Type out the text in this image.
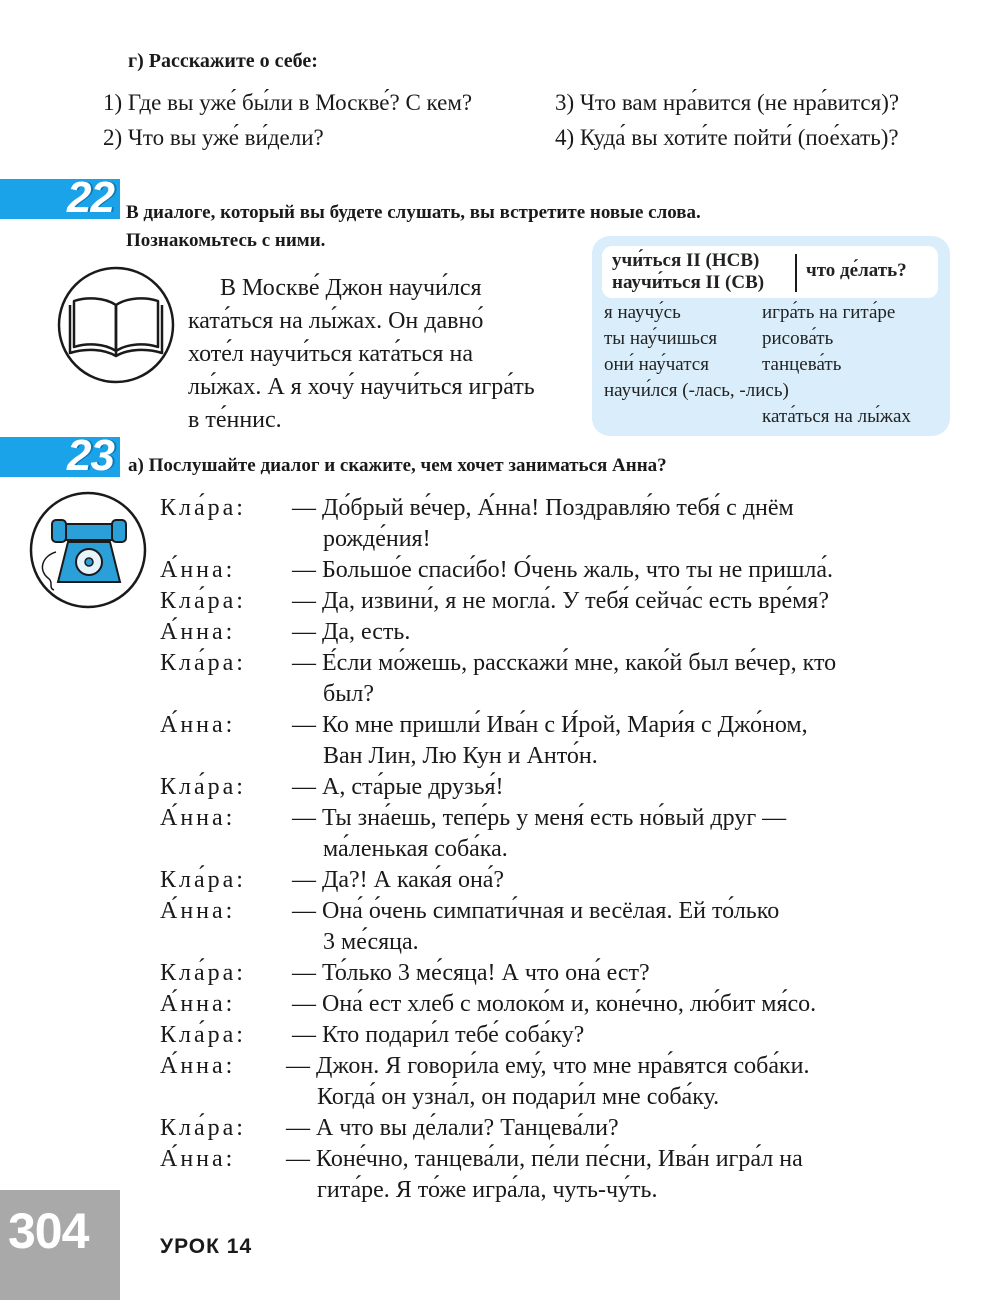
г) Расскажите о себе:
1) Где вы уже́ бы́ли в Москве́? С кем?
2) Что вы уже́ ви́дели?
3) Что вам нра́вится (не нра́вится)?
4) Куда́ вы хоти́те пойти́ (пое́хать)?
22 В диалоге, который вы будете слушать, вы встретите новые слова.
Познакомьтесь с ними.
В Москве́ Джон научи́лся
ката́ться на лы́жах. Он давно́
хоте́л научи́ться ката́ться на
лы́жах. А я хочу́ научи́ться игра́ть
в те́ннис.
учи́ться II (НСВ)
научи́ться II (СВ)
что де́лать?
я научу́сь
ты нау́чишься
они́ нау́чатся
научи́лся (-лась, -лись)
игра́ть на гита́ре
рисова́ть
танцева́ть
ката́ться на лы́жах
23 а) Послушайте диалог и скажите, чем хочет заниматься Анна?
Кла́ра: — До́брый ве́чер, А́нна! Поздравля́ю тебя́ с днём
рожде́ния!
А́нна: — Большо́е спаси́бо! О́чень жаль, что ты не пришла́.
Кла́ра: — Да, извини́, я не могла́. У тебя́ сейча́с есть вре́мя?
А́нна: — Да, есть.
Кла́ра: — Е́сли мо́жешь, расскажи́ мне, како́й был ве́чер, кто
был?
А́нна: — Ко мне пришли́ Ива́н с И́рой, Мари́я с Джо́ном,
Ван Лин, Лю Кун и Анто́н.
Кла́ра: — А, ста́рые друзья́!
А́нна: — Ты зна́ешь, тепе́рь у меня́ есть но́вый друг —
ма́ленькая соба́ка.
Кла́ра: — Да?! А кака́я она́?
А́нна: — Она́ о́чень симпати́чная и весёлая. Ей то́лько
3 ме́сяца.
Кла́ра: — То́лько 3 ме́сяца! А что она́ ест?
А́нна: — Она́ ест хлеб с молоко́м и, коне́чно, лю́бит мя́со.
Кла́ра: — Кто подари́л тебе́ соба́ку?
А́нна: — Джон. Я говори́ла ему́, что мне нра́вятся соба́ки.
Когда́ он узна́л, он подари́л мне соба́ку.
Кла́ра: — А что вы де́лали? Танцева́ли?
А́нна: — Коне́чно, танцева́ли, пе́ли пе́сни, Ива́н игра́л на
гита́ре. Я то́же игра́ла, чуть-чу́ть.
304	УРОК 14
